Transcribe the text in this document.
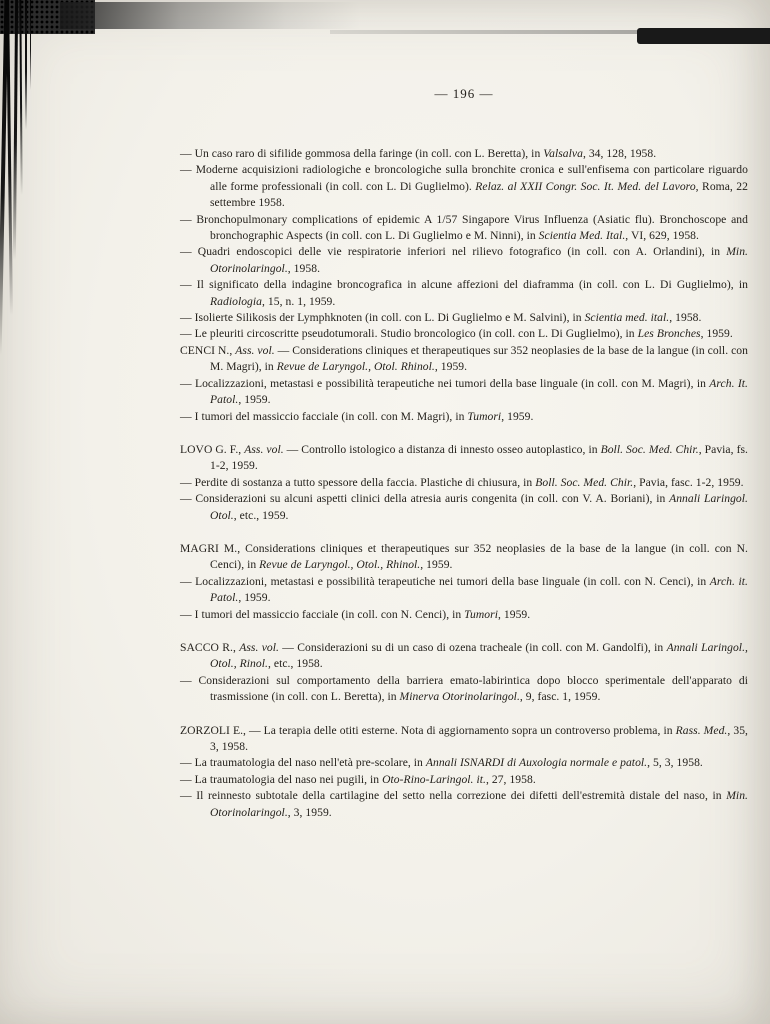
— 196 —

— Un caso raro di sifilide gommosa della faringe (in coll. con L. Beretta), in Valsalva, 34, 128, 1958.

— Moderne acquisizioni radiologiche e broncologiche sulla bronchite cronica e sull'enfisema con particolare riguardo alle forme professionali (in coll. con L. Di Guglielmo). Relaz. al XXII Congr. Soc. It. Med. del Lavoro, Roma, 22 settembre 1958.

— Bronchopulmonary complications of epidemic A 1/57 Singapore Virus Influenza (Asiatic flu). Bronchoscope and bronchographic Aspects (in coll. con L. Di Guglielmo e M. Ninni), in Scientia Med. Ital., VI, 629, 1958.

— Quadri endoscopici delle vie respiratorie inferiori nel rilievo fotografico (in coll. con A. Orlandini), in Min. Otorinolaringol., 1958.

— Il significato della indagine broncografica in alcune affezioni del diaframma (in coll. con L. Di Guglielmo), in Radiologia, 15, n. 1, 1959.

— Isolierte Silikosis der Lymphknoten (in coll. con L. Di Guglielmo e M. Salvini), in Scientia med. ital., 1958.

— Le pleuriti circoscritte pseudotumorali. Studio broncologico (in coll. con L. Di Guglielmo), in Les Bronches, 1959.

CENCI N., Ass. vol. — Considerations cliniques et therapeutiques sur 352 neoplasies de la base de la langue (in coll. con M. Magri), in Revue de Laryngol., Otol. Rhinol., 1959.

— Localizzazioni, metastasi e possibilità terapeutiche nei tumori della base linguale (in coll. con M. Magri), in Arch. It. Patol., 1959.

— I tumori del massiccio facciale (in coll. con M. Magri), in Tumori, 1959.

LOVO G. F., Ass. vol. — Controllo istologico a distanza di innesto osseo autoplastico, in Boll. Soc. Med. Chir., Pavia, fs. 1-2, 1959.

— Perdite di sostanza a tutto spessore della faccia. Plastiche di chiusura, in Boll. Soc. Med. Chir., Pavia, fasc. 1-2, 1959.

— Considerazioni su alcuni aspetti clinici della atresia auris congenita (in coll. con V. A. Boriani), in Annali Laringol. Otol., etc., 1959.

MAGRI M., Considerations cliniques et therapeutiques sur 352 neoplasies de la base de la langue (in coll. con N. Cenci), in Revue de Laryngol., Otol., Rhinol., 1959.

— Localizzazioni, metastasi e possibilità terapeutiche nei tumori della base linguale (in coll. con N. Cenci), in Arch. it. Patol., 1959.

— I tumori del massiccio facciale (in coll. con N. Cenci), in Tumori, 1959.

SACCO R., Ass. vol. — Considerazioni su di un caso di ozena tracheale (in coll. con M. Gandolfi), in Annali Laringol., Otol., Rinol., etc., 1958.

— Considerazioni sul comportamento della barriera emato-labirintica dopo blocco sperimentale dell'apparato di trasmissione (in coll. con L. Beretta), in Minerva Otorinolaringol., 9, fasc. 1, 1959.

ZORZOLI E., — La terapia delle otiti esterne. Nota di aggiornamento sopra un controverso problema, in Rass. Med., 35, 3, 1958.

— La traumatologia del naso nell'età pre-scolare, in Annali ISNARDI di Auxologia normale e patol., 5, 3, 1958.

— La traumatologia del naso nei pugili, in Oto-Rino-Laringol. it., 27, 1958.

— Il reinnesto subtotale della cartilagine del setto nella correzione dei difetti dell'estremità distale del naso, in Min. Otorinolaringol., 3, 1959.
